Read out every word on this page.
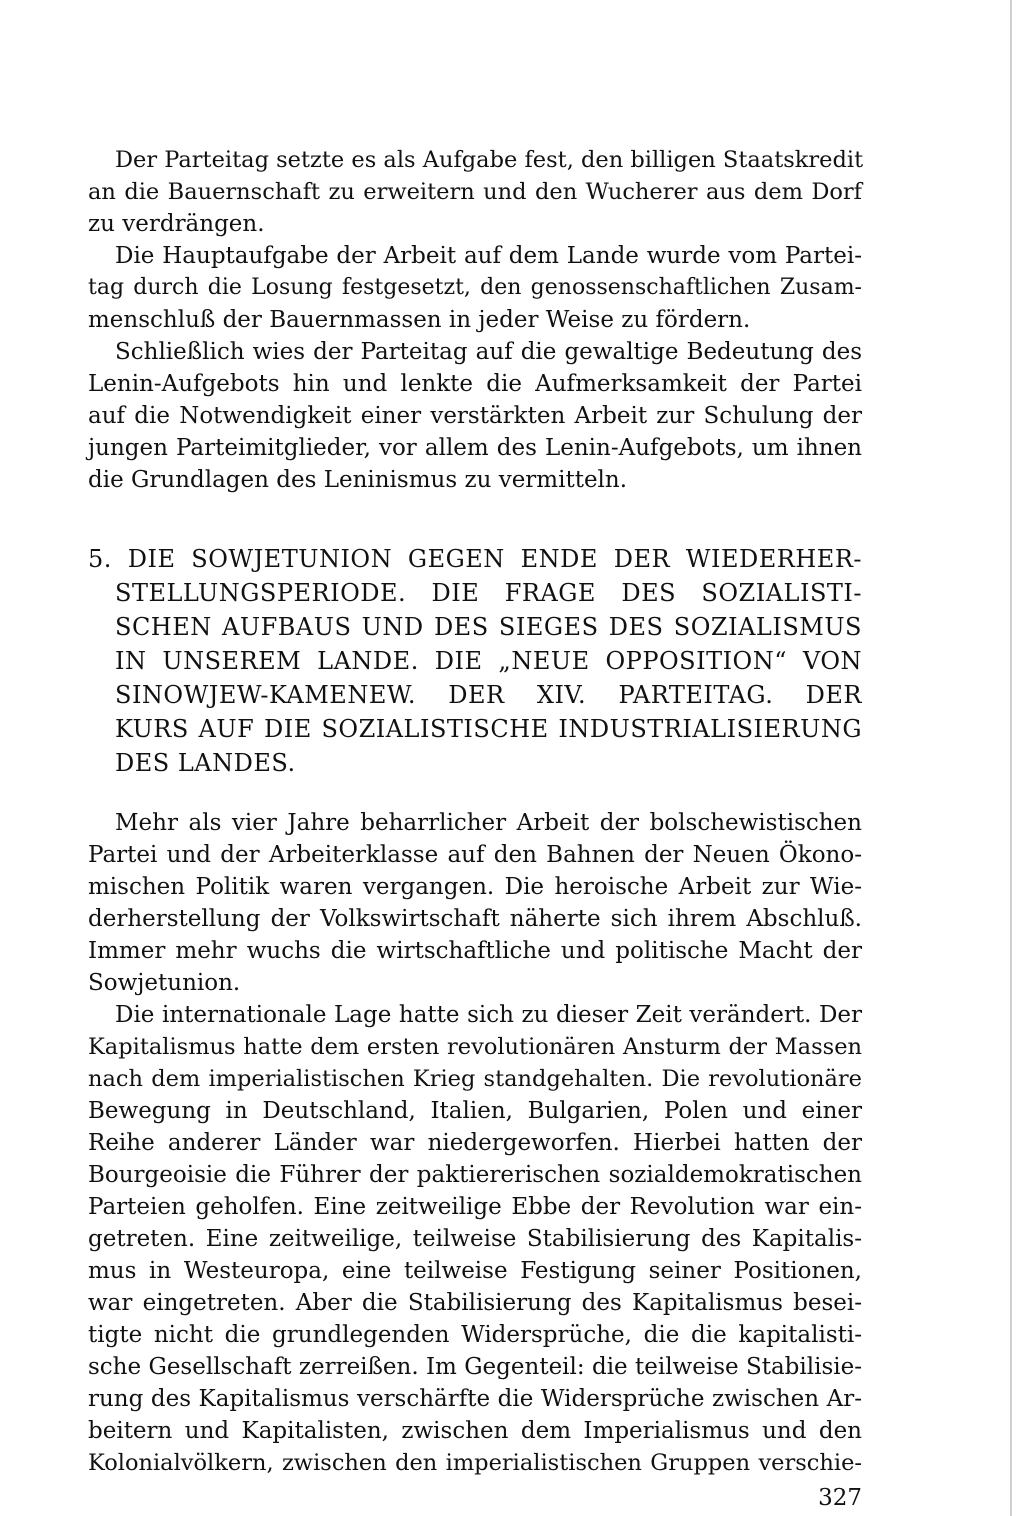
Der Parteitag setzte es als Aufgabe fest, den billigen Staatskredit
an die Bauernschaft zu erweitern und den Wucherer aus dem Dorf
zu verdrängen.
Die Hauptaufgabe der Arbeit auf dem Lande wurde vom Partei-
tag durch die Losung festgesetzt, den genossenschaftlichen Zusam-
menschluß der Bauernmassen in jeder Weise zu fördern.
Schließlich wies der Parteitag auf die gewaltige Bedeutung des
Lenin-Aufgebots hin und lenkte die Aufmerksamkeit der Partei
auf die Notwendigkeit einer verstärkten Arbeit zur Schulung der
jungen Parteimitglieder, vor allem des Lenin-Aufgebots, um ihnen
die Grundlagen des Leninismus zu vermitteln.
5. DIE SOWJETUNION GEGEN ENDE DER WIEDERHER-
STELLUNGSPERIODE. DIE FRAGE DES SOZIALISTI-
SCHEN AUFBAUS UND DES SIEGES DES SOZIALISMUS
IN UNSEREM LANDE. DIE „NEUE OPPOSITION“ VON
SINOWJEW-KAMENEW. DER XIV. PARTEITAG. DER
KURS AUF DIE SOZIALISTISCHE INDUSTRIALISIERUNG
DES LANDES.
Mehr als vier Jahre beharrlicher Arbeit der bolschewistischen
Partei und der Arbeiterklasse auf den Bahnen der Neuen Ökono-
mischen Politik waren vergangen. Die heroische Arbeit zur Wie-
derherstellung der Volkswirtschaft näherte sich ihrem Abschluß.
Immer mehr wuchs die wirtschaftliche und politische Macht der
Sowjetunion.
Die internationale Lage hatte sich zu dieser Zeit verändert. Der
Kapitalismus hatte dem ersten revolutionären Ansturm der Massen
nach dem imperialistischen Krieg standgehalten. Die revolutionäre
Bewegung in Deutschland, Italien, Bulgarien, Polen und einer
Reihe anderer Länder war niedergeworfen. Hierbei hatten der
Bourgeoisie die Führer der paktiererischen sozialdemokratischen
Parteien geholfen. Eine zeitweilige Ebbe der Revolution war ein-
getreten. Eine zeitweilige, teilweise Stabilisierung des Kapitalis-
mus in Westeuropa, eine teilweise Festigung seiner Positionen,
war eingetreten. Aber die Stabilisierung des Kapitalismus besei-
tigte nicht die grundlegenden Widersprüche, die die kapitalisti-
sche Gesellschaft zerreißen. Im Gegenteil: die teilweise Stabilisie-
rung des Kapitalismus verschärfte die Widersprüche zwischen Ar-
beitern und Kapitalisten, zwischen dem Imperialismus und den
Kolonialvölkern, zwischen den imperialistischen Gruppen verschie-
327
